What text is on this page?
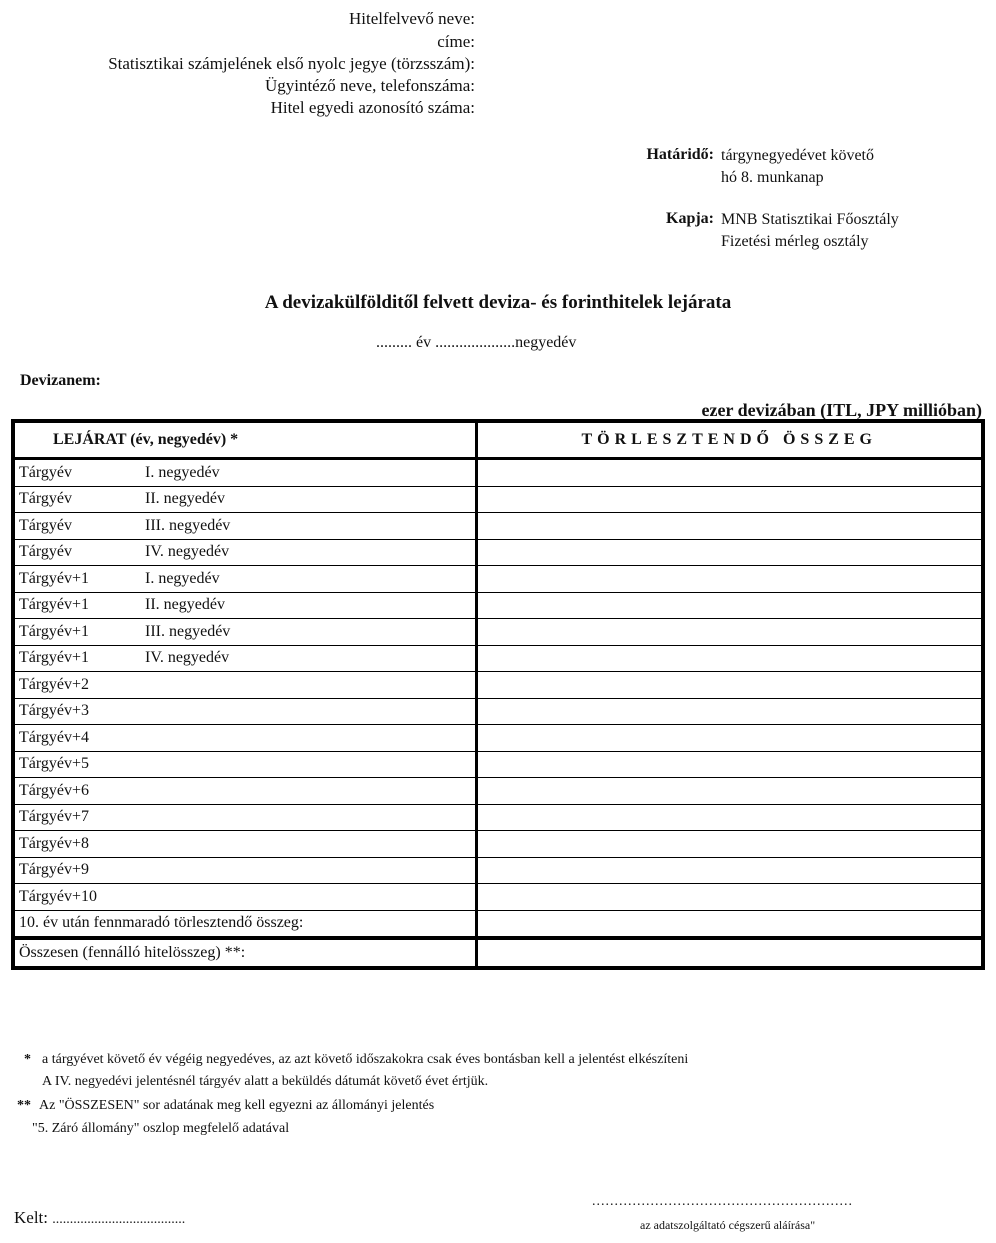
Hitelfelvevő neve:
címe:
Statisztikai számjelének első nyolc jegye (törzsszám):
Ügyintéző neve, telefonszáma:
Hitel egyedi azonosító száma:
Határidő: tárgynegyedévet követő
hó 8. munkanap
Kapja: MNB Statisztikai Főosztály
Fizetési mérleg osztály
A devizakülfölditől felvett deviza- és forinthitelek lejárata
......... év ....................negyedév
Devizanem:
ezer devizában (ITL, JPY millióban)
LEJÁRAT (év, negyedév) *	TÖRLESZTENDŐ ÖSSZEG
Tárgyév I. negyedév	
Tárgyév II. negyedév	
Tárgyév III. negyedév	
Tárgyév IV. negyedév	
Tárgyév+1 I. negyedév	
Tárgyév+1 II. negyedév	
Tárgyév+1 III. negyedév	
Tárgyév+1 IV. negyedév	
Tárgyév+2	
Tárgyév+3	
Tárgyév+4	
Tárgyév+5	
Tárgyév+6	
Tárgyév+7	
Tárgyév+8	
Tárgyév+9	
Tárgyév+10	
10. év után fennmaradó törlesztendő összeg:	
Összesen (fennálló hitelösszeg) **:	
* a tárgyévet követő év végéig negyedéves, az azt követő időszakokra csak éves bontásban kell a jelentést elkészíteni
A IV. negyedévi jelentésnél tárgyév alatt a beküldés dátumát követő évet értjük.
** Az "ÖSSZESEN" sor adatának meg kell egyezni az állományi jelentés
"5. Záró állomány" oszlop megfelelő adatával
Kelt: ......................................
..........................................................
az adatszolgáltató cégszerű aláírása"
